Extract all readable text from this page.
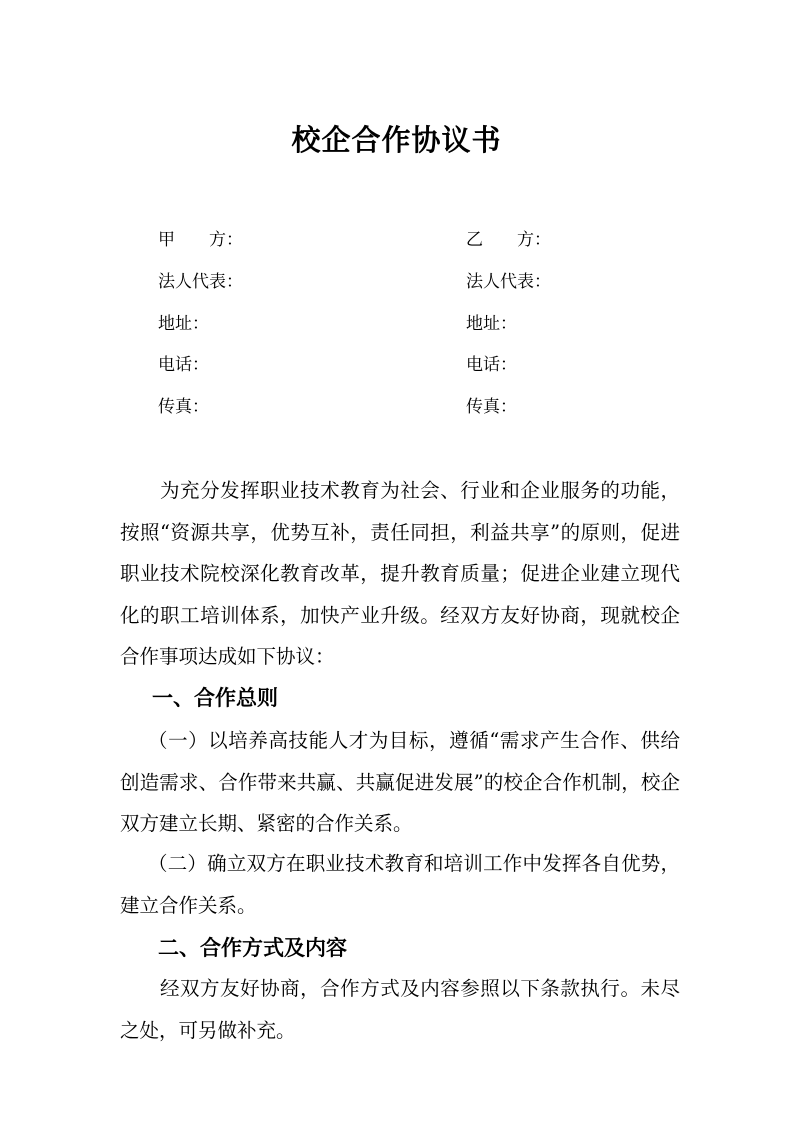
校企合作协议书
甲　　方：
法人代表：
地址：
电话：
传真：
乙　　方：
法人代表：
地址：
电话：
传真：

　　为充分发挥职业技术教育为社会、行业和企业服务的功能，按照“资源共享，优势互补，责任同担，利益共享”的原则，促进职业技术院校深化教育改革，提升教育质量；促进企业建立现代化的职工培训体系，加快产业升级。经双方友好协商，现就校企合作事项达成如下协议：

一、合作总则

（一）以培养高技能人才为目标，遵循“需求产生合作、供给创造需求、合作带来共赢、共赢促进发展”的校企合作机制，校企双方建立长期、紧密的合作关系。

（二）确立双方在职业技术教育和培训工作中发挥各自优势，建立合作关系。

二、合作方式及内容

经双方友好协商，合作方式及内容参照以下条款执行。未尽之处，可另做补充。
